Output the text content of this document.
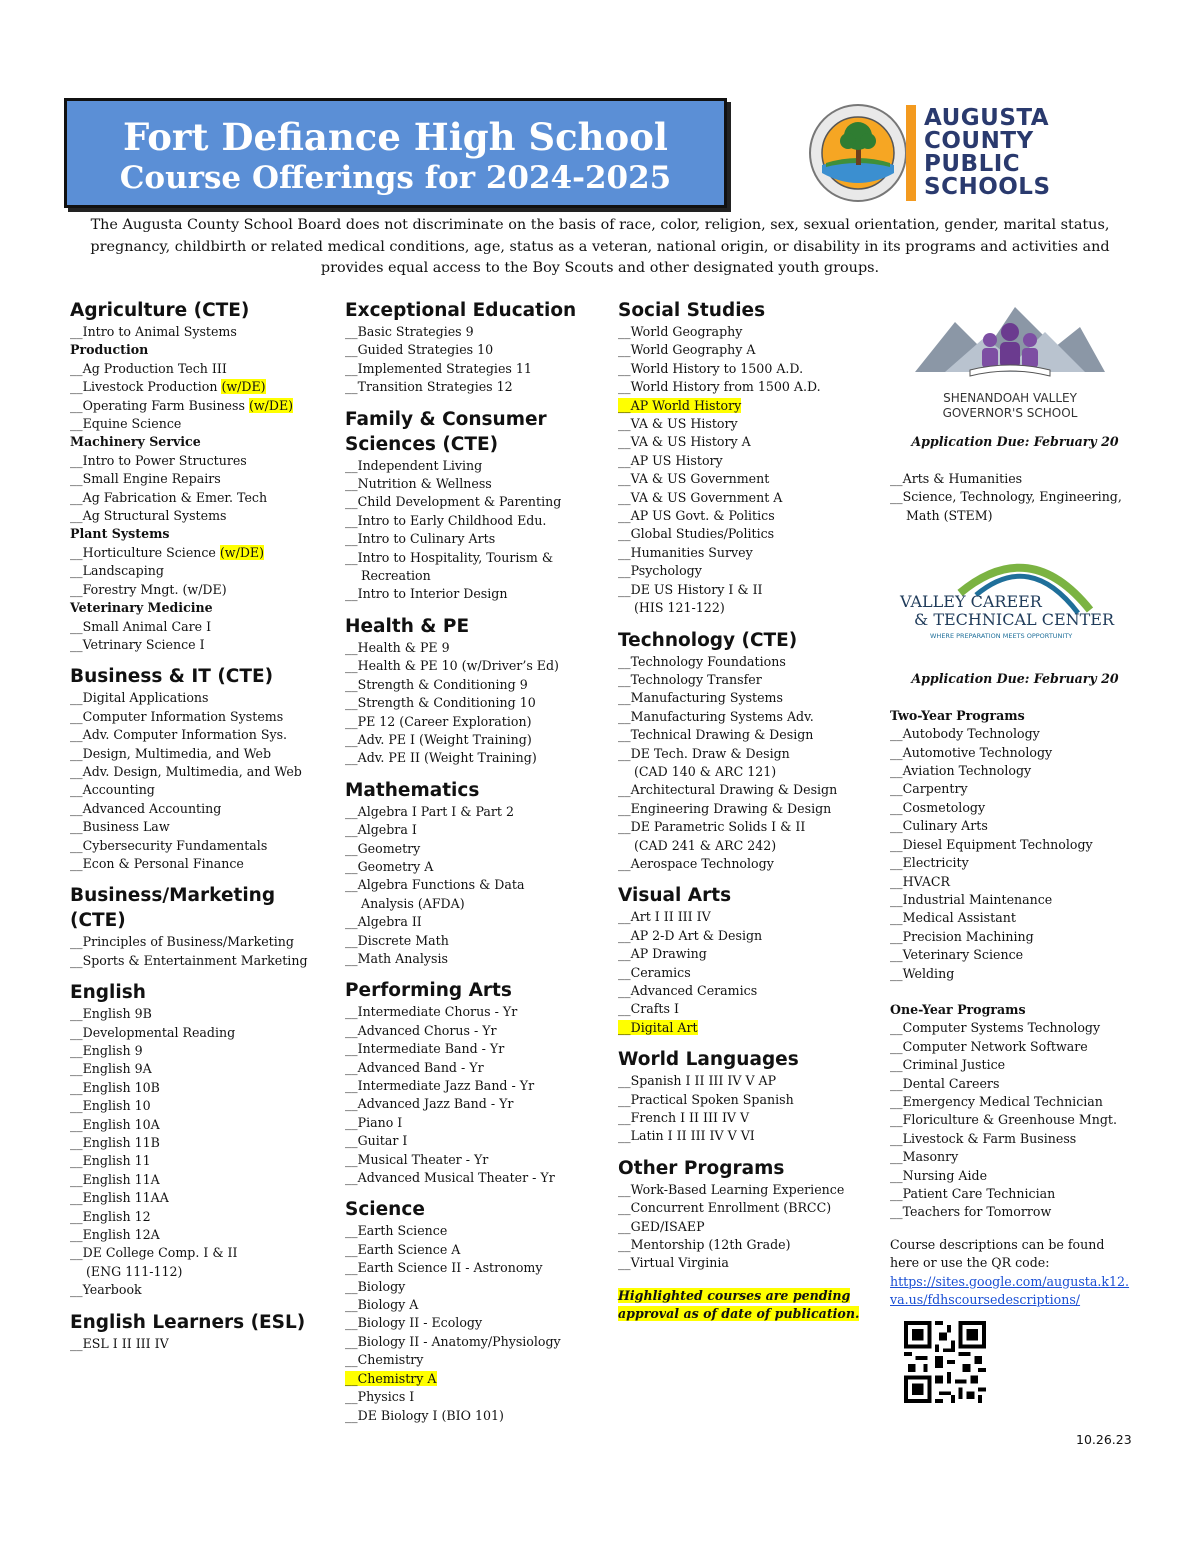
Fort Defiance High School
Course Offerings for 2024-2025
AUGUSTA
COUNTY
PUBLIC
SCHOOLS
The Augusta County School Board does not discriminate on the basis of race, color, religion, sex, sexual orientation, gender, marital status, pregnancy, childbirth or related medical conditions, age, status as a veteran, national origin, or disability in its programs and activities and provides equal access to the Boy Scouts and other designated youth groups.
Agriculture (CTE)
__Intro to Animal Systems
Production
__Ag Production Tech III
__Livestock Production (w/DE)
__Operating Farm Business (w/DE)
__Equine Science
Machinery Service
__Intro to Power Structures
__Small Engine Repairs
__Ag Fabrication & Emer. Tech
__Ag Structural Systems
Plant Systems
__Horticulture Science (w/DE)
__Landscaping
__Forestry Mngt. (w/DE)
Veterinary Medicine
__Small Animal Care I
__Vetrinary Science I
Business & IT (CTE)
__Digital Applications
__Computer Information Systems
__Adv. Computer Information Sys.
__Design, Multimedia, and Web
__Adv. Design, Multimedia, and Web
__Accounting
__Advanced Accounting
__Business Law
__Cybersecurity Fundamentals
__Econ & Personal Finance
Business/Marketing (CTE)
__Principles of Business/Marketing
__Sports & Entertainment Marketing
English
__English 9B
__Developmental Reading
__English 9
__English 9A
__English 10B
__English 10
__English 10A
__English 11B
__English 11
__English 11A
__English 11AA
__English 12
__English 12A
__DE College Comp. I & II
(ENG 111-112)
__Yearbook
English Learners (ESL)
__ESL I II III IV
Exceptional Education
__Basic Strategies 9
__Guided Strategies 10
__Implemented Strategies 11
__Transition Strategies 12
Family & Consumer Sciences (CTE)
__Independent Living
__Nutrition & Wellness
__Child Development & Parenting
__Intro to Early Childhood Edu.
__Intro to Culinary Arts
__Intro to Hospitality, Tourism &
Recreation
__Intro to Interior Design
Health & PE
__Health & PE 9
__Health & PE 10 (w/Driver’s Ed)
__Strength & Conditioning 9
__Strength & Conditioning 10
__PE 12 (Career Exploration)
__Adv. PE I (Weight Training)
__Adv. PE II (Weight Training)
Mathematics
__Algebra I Part I & Part 2
__Algebra I
__Geometry
__Geometry A
__Algebra Functions & Data
Analysis (AFDA)
__Algebra II
__Discrete Math
__Math Analysis
Performing Arts
__Intermediate Chorus - Yr
__Advanced Chorus - Yr
__Intermediate Band - Yr
__Advanced Band - Yr
__Intermediate Jazz Band - Yr
__Advanced Jazz Band - Yr
__Piano I
__Guitar I
__Musical Theater - Yr
__Advanced Musical Theater - Yr
Science
__Earth Science
__Earth Science A
__Earth Science II - Astronomy
__Biology
__Biology A
__Biology II - Ecology
__Biology II - Anatomy/Physiology
__Chemistry
__Chemistry A
__Physics I
__DE Biology I (BIO 101)
Social Studies
__World Geography
__World Geography A
__World History to 1500 A.D.
__World History from 1500 A.D.
__AP World History
__VA & US History
__VA & US History A
__AP US History
__VA & US Government
__VA & US Government A
__AP US Govt. & Politics
__Global Studies/Politics
__Humanities Survey
__Psychology
__DE US History I & II
(HIS 121-122)
Technology (CTE)
__Technology Foundations
__Technology Transfer
__Manufacturing Systems
__Manufacturing Systems Adv.
__Technical Drawing & Design
__DE Tech. Draw & Design
(CAD 140 & ARC 121)
__Architectural Drawing & Design
__Engineering Drawing & Design
__DE Parametric Solids I & II
(CAD 241 & ARC 242)
__Aerospace Technology
Visual Arts
__Art I II III IV
__AP 2-D Art & Design
__AP Drawing
__Ceramics
__Advanced Ceramics
__Crafts I
__Digital Art
World Languages
__Spanish I II III IV V AP
__Practical Spoken Spanish
__French I II III IV V
__Latin I II III IV V VI
Other Programs
__Work-Based Learning Experience
__Concurrent Enrollment (BRCC)
__GED/ISAEP
__Mentorship (12th Grade)
__Virtual Virginia
Highlighted courses are pending approval as of date of publication.
SHENANDOAH VALLEY
GOVERNOR'S SCHOOL
Application Due: February 20
__Arts & Humanities
__Science, Technology, Engineering,
Math (STEM)
VALLEY CAREER
& TECHNICAL CENTER
WHERE PREPARATION MEETS OPPORTUNITY
Application Due: February 20
Two-Year Programs
__Autobody Technology
__Automotive Technology
__Aviation Technology
__Carpentry
__Cosmetology
__Culinary Arts
__Diesel Equipment Technology
__Electricity
__HVACR
__Industrial Maintenance
__Medical Assistant
__Precision Machining
__Veterinary Science
__Welding
One-Year Programs
__Computer Systems Technology
__Computer Network Software
__Criminal Justice
__Dental Careers
__Emergency Medical Technician
__Floriculture & Greenhouse Mngt.
__Livestock & Farm Business
__Masonry
__Nursing Aide
__Patient Care Technician
__Teachers for Tomorrow
Course descriptions can be found here or use the QR code:
https://sites.google.com/augusta.k12.va.us/fdhscoursedescriptions/
10.26.23
